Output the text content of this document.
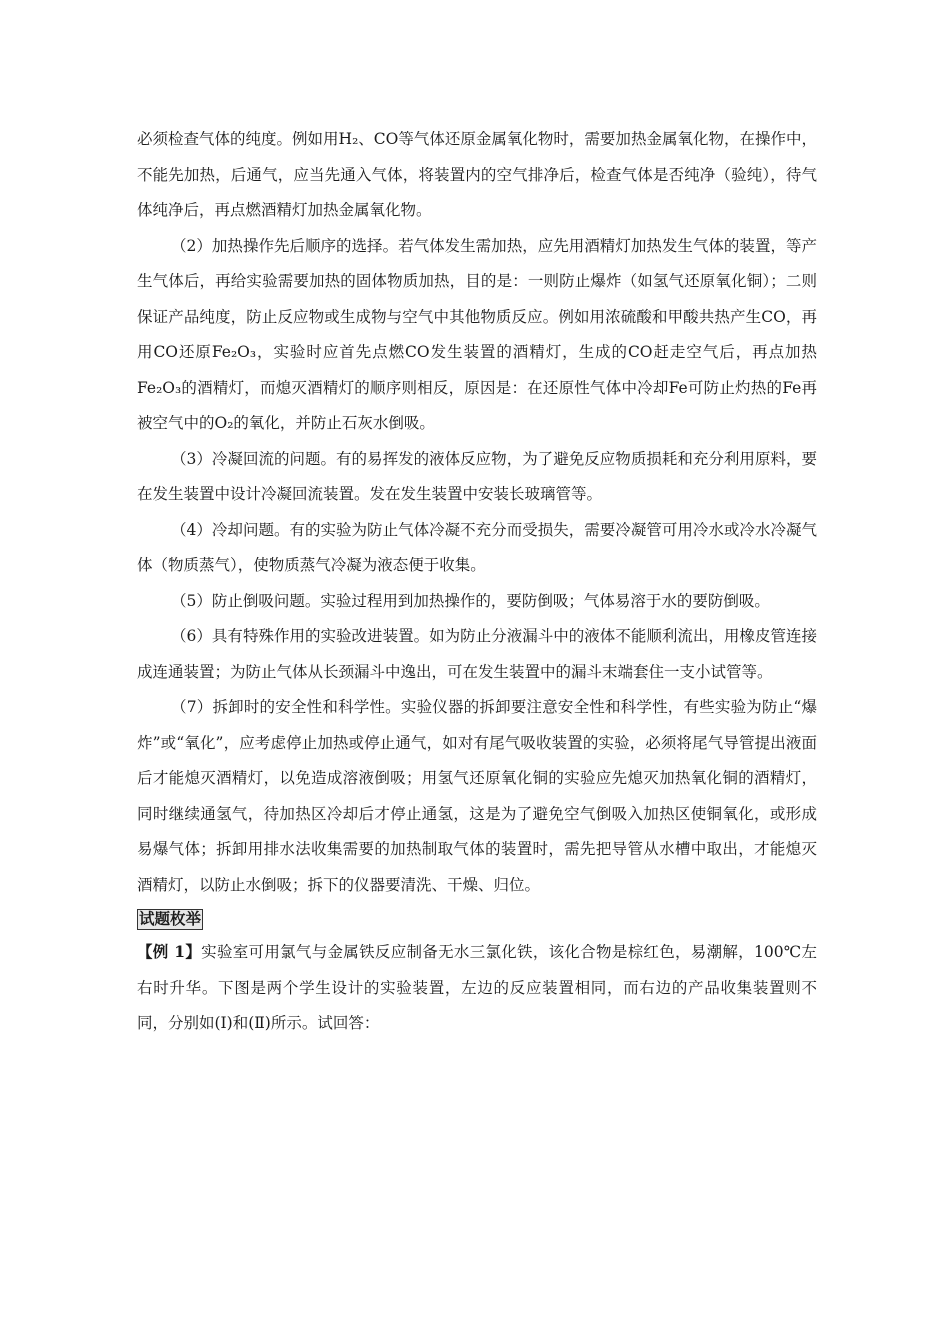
必须检查气体的纯度。例如用H₂、CO等气体还原金属氧化物时，需要加热金属氧化物，在操作中，不能先加热，后通气，应当先通入气体，将装置内的空气排净后，检查气体是否纯净（验纯），待气体纯净后，再点燃酒精灯加热金属氧化物。

（2）加热操作先后顺序的选择。若气体发生需加热，应先用酒精灯加热发生气体的装置，等产生气体后，再给实验需要加热的固体物质加热，目的是：一则防止爆炸（如氢气还原氧化铜）；二则保证产品纯度，防止反应物或生成物与空气中其他物质反应。例如用浓硫酸和甲酸共热产生CO，再用CO还原Fe₂O₃，实验时应首先点燃CO发生装置的酒精灯，生成的CO赶走空气后，再点加热Fe₂O₃的酒精灯，而熄灭酒精灯的顺序则相反，原因是：在还原性气体中冷却Fe可防止灼热的Fe再被空气中的O₂的氧化，并防止石灰水倒吸。

（3）冷凝回流的问题。有的易挥发的液体反应物，为了避免反应物质损耗和充分利用原料，要在发生装置中设计冷凝回流装置。发在发生装置中安装长玻璃管等。

（4）冷却问题。有的实验为防止气体冷凝不充分而受损失，需要冷凝管可用冷水或冷水冷凝气体（物质蒸气），使物质蒸气冷凝为液态便于收集。

（5）防止倒吸问题。实验过程用到加热操作的，要防倒吸；气体易溶于水的要防倒吸。

（6）具有特殊作用的实验改进装置。如为防止分液漏斗中的液体不能顺利流出，用橡皮管连接成连通装置；为防止气体从长颈漏斗中逸出，可在发生装置中的漏斗末端套住一支小试管等。

（7）拆卸时的安全性和科学性。实验仪器的拆卸要注意安全性和科学性，有些实验为防止“爆炸”或“氧化”，应考虑停止加热或停止通气，如对有尾气吸收装置的实验，必须将尾气导管提出液面后才能熄灭酒精灯，以免造成溶液倒吸；用氢气还原氧化铜的实验应先熄灭加热氧化铜的酒精灯，同时继续通氢气，待加热区冷却后才停止通氢，这是为了避免空气倒吸入加热区使铜氧化，或形成易爆气体；拆卸用排水法收集需要的加热制取气体的装置时，需先把导管从水槽中取出，才能熄灭酒精灯，以防止水倒吸；拆下的仪器要清洗、干燥、归位。

试题枚举

【例 1】实验室可用氯气与金属铁反应制备无水三氯化铁，该化合物是棕红色，易潮解，100℃左右时升华。下图是两个学生设计的实验装置，左边的反应装置相同，而右边的产品收集装置则不同，分别如(Ⅰ)和(Ⅱ)所示。试回答：
